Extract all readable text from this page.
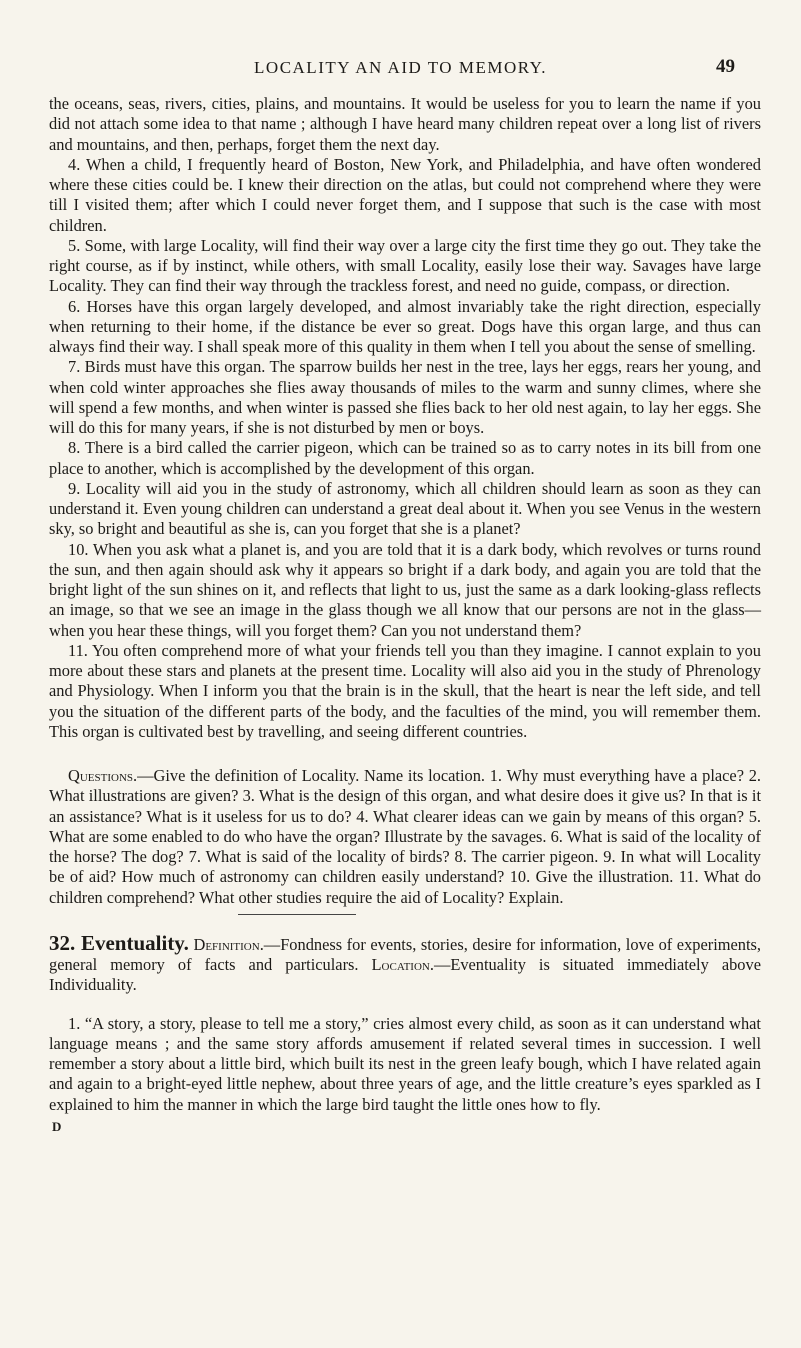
LOCALITY AN AID TO MEMORY.	49

the oceans, seas, rivers, cities, plains, and mountains. It would be useless for you to learn the name if you did not attach some idea to that name ; although I have heard many children repeat over a long list of rivers and mountains, and then, perhaps, forget them the next day.

4. When a child, I frequently heard of Boston, New York, and Philadelphia, and have often wondered where these cities could be. I knew their direction on the atlas, but could not comprehend where they were till I visited them; after which I could never forget them, and I suppose that such is the case with most children.

5. Some, with large Locality, will find their way over a large city the first time they go out. They take the right course, as if by instinct, while others, with small Locality, easily lose their way. Savages have large Locality. They can find their way through the trackless forest, and need no guide, compass, or direction.

6. Horses have this organ largely developed, and almost invariably take the right direction, especially when returning to their home, if the distance be ever so great. Dogs have this organ large, and thus can always find their way. I shall speak more of this quality in them when I tell you about the sense of smelling.

7. Birds must have this organ. The sparrow builds her nest in the tree, lays her eggs, rears her young, and when cold winter approaches she flies away thousands of miles to the warm and sunny climes, where she will spend a few months, and when winter is passed she flies back to her old nest again, to lay her eggs. She will do this for many years, if she is not disturbed by men or boys.

8. There is a bird called the carrier pigeon, which can be trained so as to carry notes in its bill from one place to another, which is accomplished by the development of this organ.

9. Locality will aid you in the study of astronomy, which all children should learn as soon as they can understand it. Even young children can understand a great deal about it. When you see Venus in the western sky, so bright and beautiful as she is, can you forget that she is a planet?

10. When you ask what a planet is, and you are told that it is a dark body, which revolves or turns round the sun, and then again should ask why it appears so bright if a dark body, and again you are told that the bright light of the sun shines on it, and reflects that light to us, just the same as a dark looking-glass reflects an image, so that we see an image in the glass though we all know that our persons are not in the glass—when you hear these things, will you forget them? Can you not understand them?

11. You often comprehend more of what your friends tell you than they imagine. I cannot explain to you more about these stars and planets at the present time. Locality will also aid you in the study of Phrenology and Physiology. When I inform you that the brain is in the skull, that the heart is near the left side, and tell you the situation of the different parts of the body, and the faculties of the mind, you will remember them. This organ is cultivated best by travelling, and seeing different countries.

Questions.—Give the definition of Locality. Name its location. 1. Why must everything have a place? 2. What illustrations are given? 3. What is the design of this organ, and what desire does it give us? In that is it an assistance? What is it useless for us to do? 4. What clearer ideas can we gain by means of this organ? 5. What are some enabled to do who have the organ? Illustrate by the savages. 6. What is said of the locality of the horse? The dog? 7. What is said of the locality of birds? 8. The carrier pigeon. 9. In what will Locality be of aid? How much of astronomy can children easily understand? 10. Give the illustration. 11. What do children comprehend? What other studies require the aid of Locality? Explain.

32. Eventuality. Definition.—Fondness for events, stories, desire for information, love of experiments, general memory of facts and particulars. Location.—Eventuality is situated immediately above Individuality.

1. “A story, a story, please to tell me a story,” cries almost every child, as soon as it can understand what language means ; and the same story affords amusement if related several times in succession. I well remember a story about a little bird, which built its nest in the green leafy bough, which I have related again and again to a bright-eyed little nephew, about three years of age, and the little creature’s eyes sparkled as I explained to him the manner in which the large bird taught the little ones how to fly.

D
